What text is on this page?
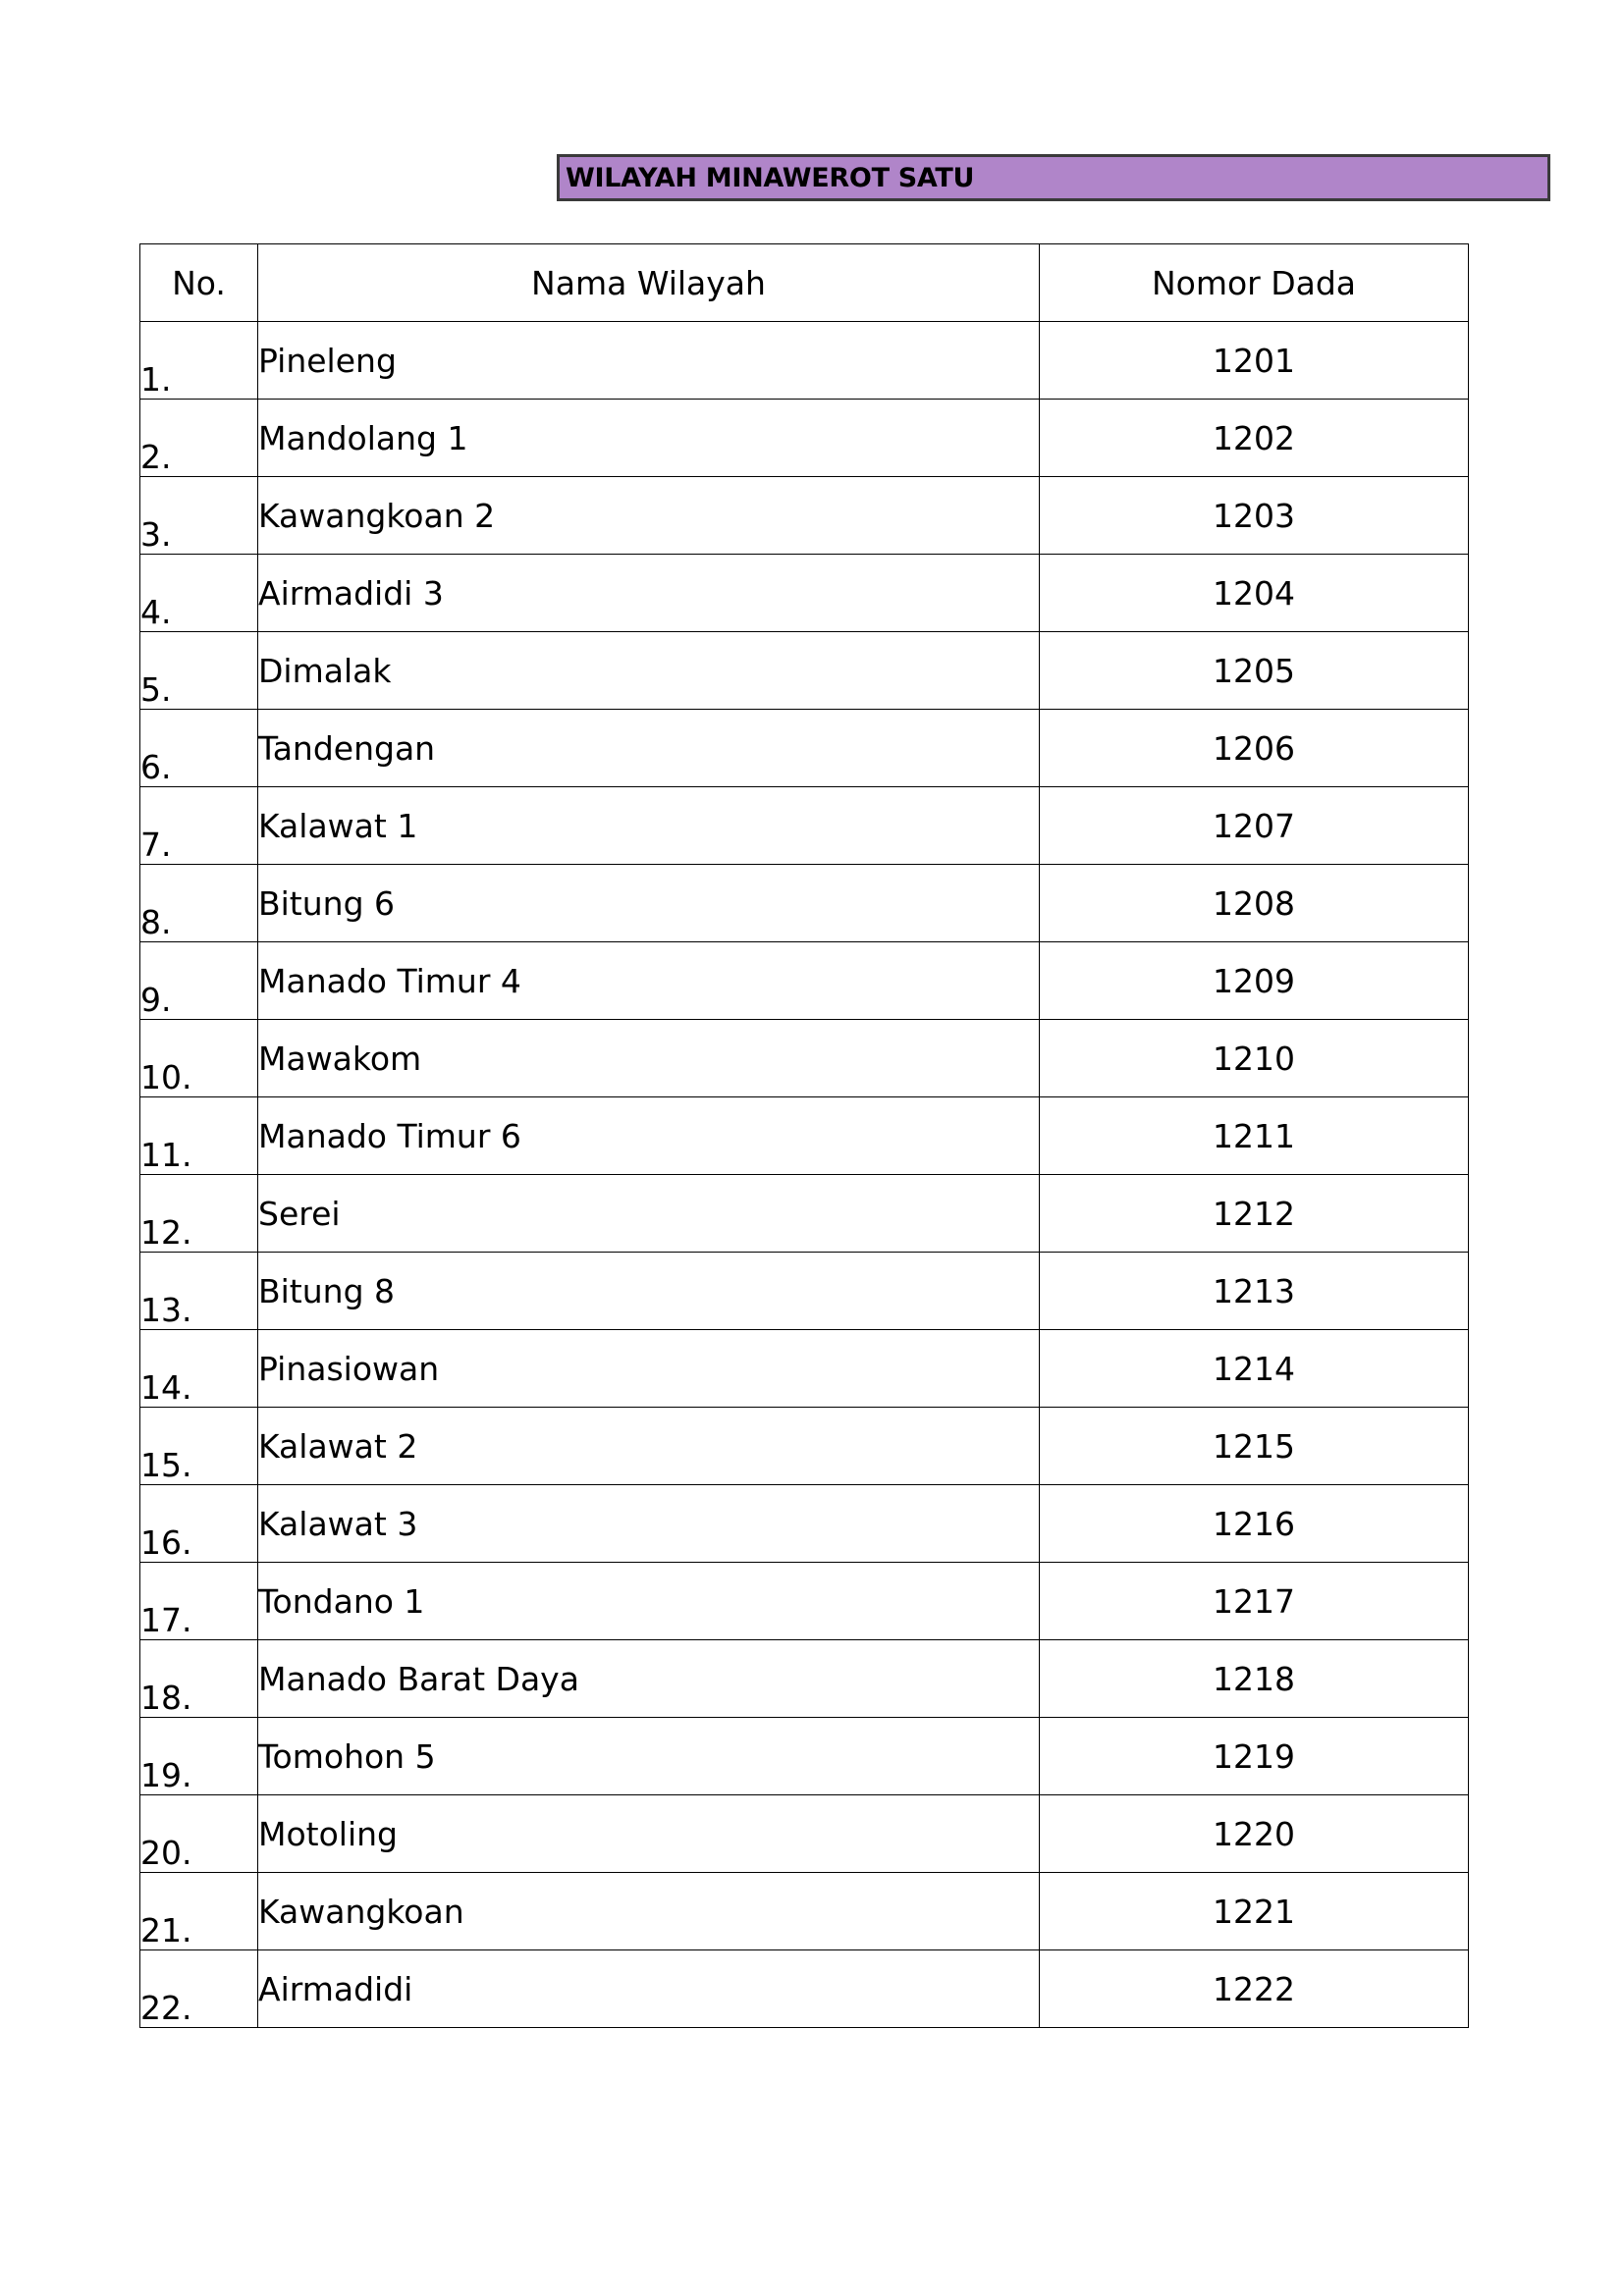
WILAYAH MINAWEROT SATU
No.	Nama Wilayah	Nomor Dada
1.	Pineleng	1201
2.	Mandolang 1	1202
3.	Kawangkoan 2	1203
4.	Airmadidi 3	1204
5.	Dimalak	1205
6.	Tandengan	1206
7.	Kalawat 1	1207
8.	Bitung 6	1208
9.	Manado Timur 4	1209
10.	Mawakom	1210
11.	Manado Timur 6	1211
12.	Serei	1212
13.	Bitung 8	1213
14.	Pinasiowan	1214
15.	Kalawat 2	1215
16.	Kalawat 3	1216
17.	Tondano 1	1217
18.	Manado Barat Daya	1218
19.	Tomohon 5	1219
20.	Motoling	1220
21.	Kawangkoan	1221
22.	Airmadidi	1222
